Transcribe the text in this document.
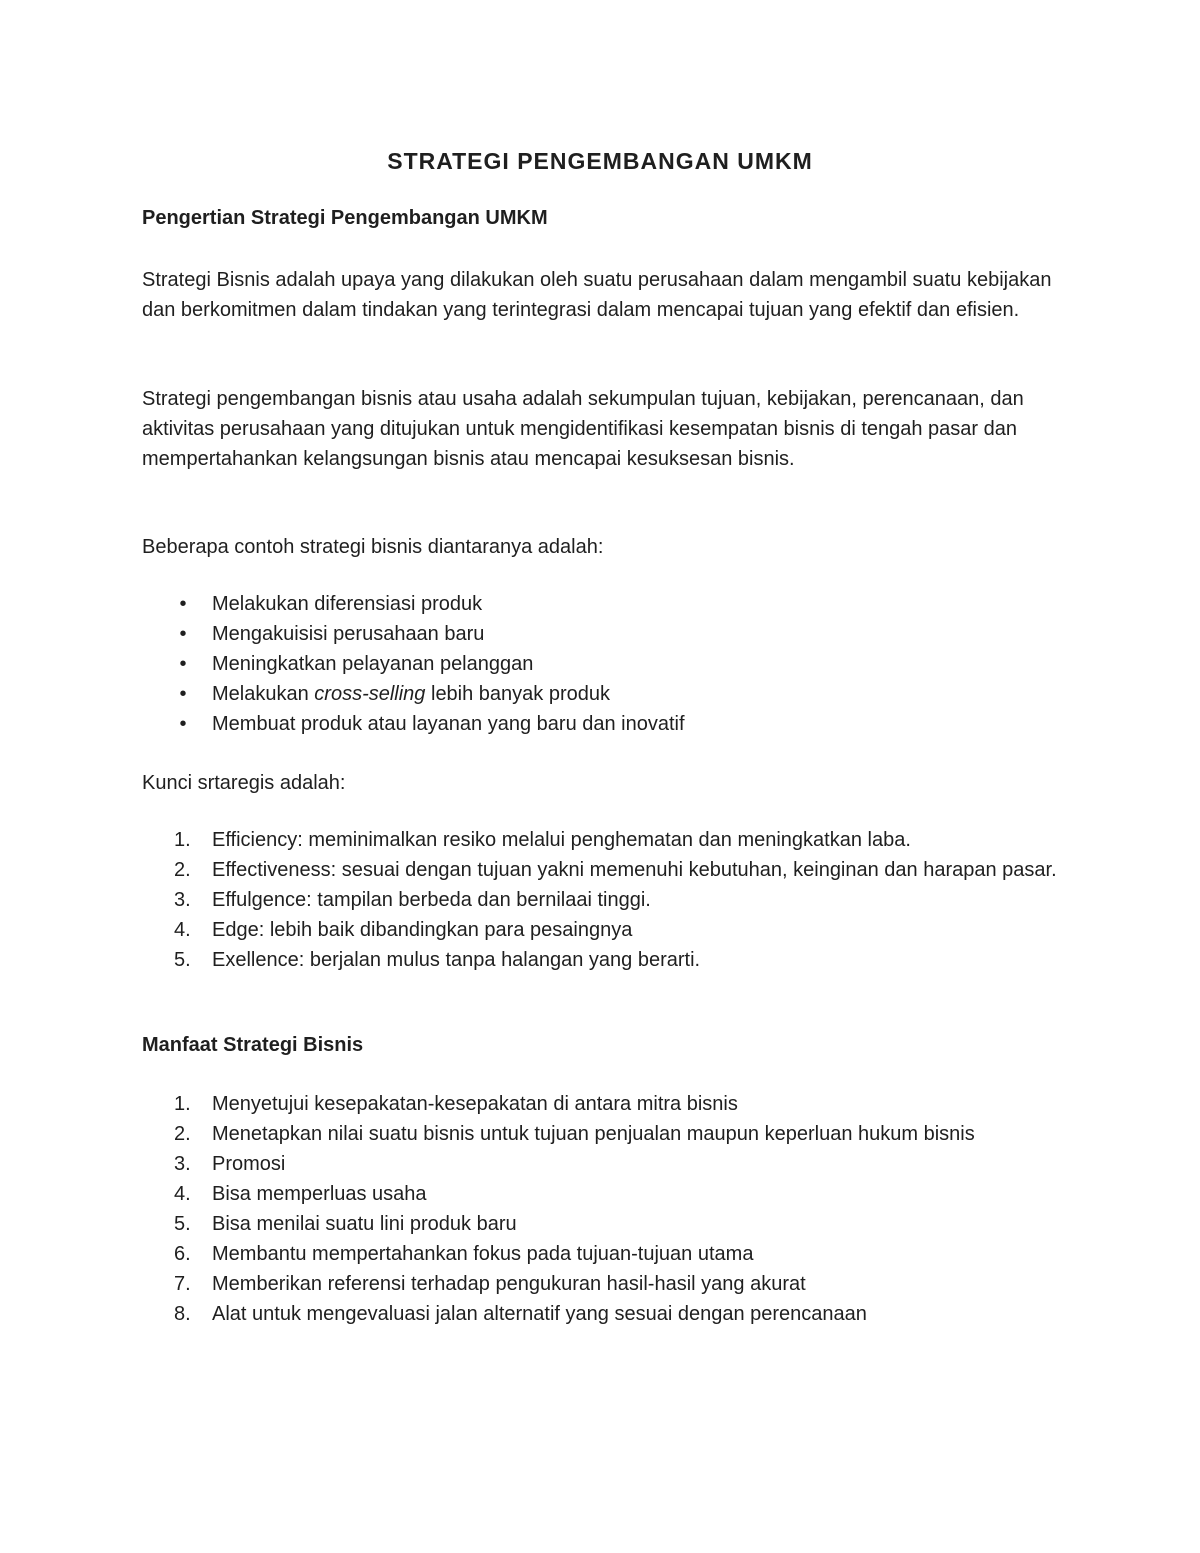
STRATEGI PENGEMBANGAN UMKM
Pengertian Strategi Pengembangan UMKM

Strategi Bisnis adalah upaya yang dilakukan oleh suatu perusahaan dalam mengambil suatu kebijakan dan berkomitmen dalam tindakan yang terintegrasi dalam mencapai tujuan yang efektif dan efisien.

Strategi pengembangan bisnis atau usaha adalah sekumpulan tujuan, kebijakan, perencanaan, dan aktivitas perusahaan yang ditujukan untuk mengidentifikasi kesempatan bisnis di tengah pasar dan mempertahankan kelangsungan bisnis atau mencapai kesuksesan bisnis.

Beberapa contoh strategi bisnis diantaranya adalah:

•	Melakukan diferensiasi produk
•	Mengakuisisi perusahaan baru
•	Meningkatkan pelayanan pelanggan
•	Melakukan cross-selling lebih banyak produk
•	Membuat produk atau layanan yang baru dan inovatif

Kunci srtaregis adalah:

1.	Efficiency: meminimalkan resiko melalui penghematan dan meningkatkan laba.
2.	Effectiveness: sesuai dengan tujuan yakni memenuhi kebutuhan, keinginan dan harapan pasar.
3.	Effulgence: tampilan berbeda dan bernilaai tinggi.
4.	Edge: lebih baik dibandingkan para pesaingnya
5.	Exellence: berjalan mulus tanpa halangan yang berarti.
Manfaat Strategi Bisnis
1.	Menyetujui kesepakatan-kesepakatan di antara mitra bisnis
2.	Menetapkan nilai suatu bisnis untuk tujuan penjualan maupun keperluan hukum bisnis
3.	Promosi
4.	Bisa memperluas usaha
5.	Bisa menilai suatu lini produk baru
6.	Membantu mempertahankan fokus pada tujuan-tujuan utama
7.	Memberikan referensi terhadap pengukuran hasil-hasil yang akurat
8.	Alat untuk mengevaluasi jalan alternatif yang sesuai dengan perencanaan
